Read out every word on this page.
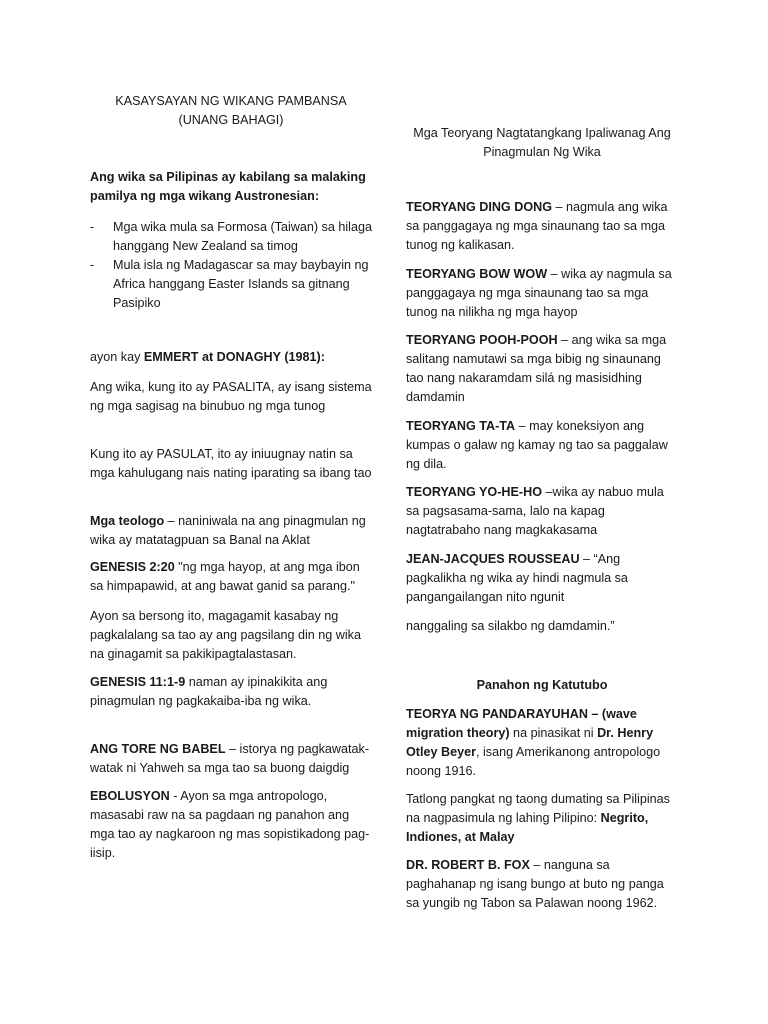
KASAYSAYAN NG WIKANG PAMBANSA
(UNANG BAHAGI)

Ang wika sa Pilipinas ay kabilang sa malaking pamilya ng mga wikang Austronesian:

- Mga wika mula sa Formosa (Taiwan) sa hilaga hanggang New Zealand sa timog
- Mula isla ng Madagascar sa may baybayin ng Africa hanggang Easter Islands sa gitnang Pasipiko

ayon kay EMMERT at DONAGHY (1981):

Ang wika, kung ito ay PASALITA, ay isang sistema ng mga sagisag na binubuo ng mga tunog

Kung ito ay PASULAT, ito ay iniuugnay natin sa mga kahulugang nais nating iparating sa ibang tao

Mga teologo – naniniwala na ang pinagmulan ng wika ay matatagpuan sa Banal na Aklat

GENESIS 2:20 "ng mga hayop, at ang mga ibon sa himpapawid, at ang bawat ganid sa parang."

Ayon sa bersong ito, magagamit kasabay ng pagkalalang sa tao ay ang pagsilang din ng wika na ginagamit sa pakikipagtalastasan.

GENESIS 11:1-9 naman ay ipinakikita ang pinagmulan ng pagkakaiba-iba ng wika.

ANG TORE NG BABEL – istorya ng pagkawatak-watak ni Yahweh sa mga tao sa buong daigdig

EBOLUSYON - Ayon sa mga antropologo, masasabi raw na sa pagdaan ng panahon ang mga tao ay nagkaroon ng mas sopistikadong pag-iisip.

Mga Teoryang Nagtatangkang Ipaliwanag Ang Pinagmulan Ng Wika

TEORYANG DING DONG – nagmula ang wika sa panggagaya ng mga sinaunang tao sa mga tunog ng kalikasan.

TEORYANG BOW WOW – wika ay nagmula sa panggagaya ng mga sinaunang tao sa mga tunog na nilikha ng mga hayop

TEORYANG POOH-POOH – ang wika sa mga salitang namutawi sa mga bibig ng sinaunang tao nang nakaramdam silá ng masisidhing damdamin

TEORYANG TA-TA – may koneksiyon ang kumpas o galaw ng kamay ng tao sa paggalaw ng dila.

TEORYANG YO-HE-HO –wika ay nabuo mula sa pagsasama-sama, lalo na kapag nagtatrabaho nang magkakasama

JEAN-JACQUES ROUSSEAU – “Ang pagkalikha ng wika ay hindi nagmula sa pangangailangan nito ngunit

nanggaling sa silakbo ng damdamin.”

Panahon ng Katutubo

TEORYA NG PANDARAYUHAN – (wave migration theory) na pinasikat ni Dr. Henry Otley Beyer, isang Amerikanong antropologo noong 1916.

Tatlong pangkat ng taong dumating sa Pilipinas na nagpasimula ng lahing Pilipino: Negrito, Indiones, at Malay

DR. ROBERT B. FOX – nanguna sa paghahanap ng isang bungo at buto ng panga sa yungib ng Tabon sa Palawan noong 1962.
